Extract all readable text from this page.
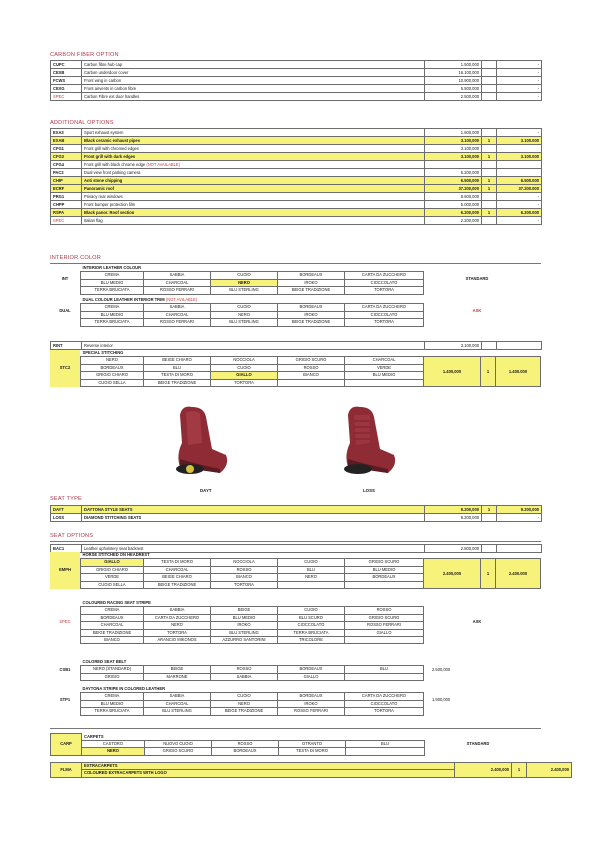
CARBON FIBER OPTION
CUPC	Carbon fibre hub cap	1.500,000		-
CEXB	Carbon underdoor cover	16.100,000		-
FCWS	Front wing in carbon	10.900,000		-
CEXG	Front airvents in carbon fibre	5.500,000		-
SPEC	Carbon Fibre ext door handles	2.500,000		-
ADDITIONAL OPTIONS
EXA3	Sport exhaust system	1.600,000		-
EXAB	Black ceramic exhaust pipes	3.100,000	1	3.100.000
CFG1	Front grill with chromed edges	3.100,000		
CFG3	Front grill with dark edges	3.100,000	1	3.100.000
CFG4	Front grill with black chrome edge (NOT AVAILABLE)			
PAC2	Dual view front parking camera	6.200,000		
CHIP	Anti stone chipping	6.500,000	1	6.500.000
ECRF	Panoramic roof	37.200,000	1	37.200.000
PRG1	Privacy rear windows	8.600,000		-
CHPP	Front bumper protection film	5.000,000		-
RSPA	Black panor. Roof section	6.200,000	1	6.200.000
SPEC	Italian flag	2.200,000		-
INTERIOR COLOR
INT	INTERIOR LEATHER COLOUR					STANDARD
	CREMA	SABBIA	CUOIO	BORDEAUX	CARTA DA ZUCCHERO	
	BLU MEDIO	CHARCOAL	NERO	IROKO	CIOCCOLATO	
	TERRA BRUCIATA	ROSSO FERRARI	BLU STERLING	BEIGE TRADIZIONE	TORTORA	
DUAL	DUAL COLOUR LEATHER INTERIOR TRIM (NOT AVILABLE)					ASK
	CREMA	SABBIA	CUOIO	BORDEAUX	CARTA DA ZUCCHERO	
	BLU MEDIO	CHARCOAL	NERO	IROKO	CIOCCOLATO	
	TERRA BRUCIATA	ROSSO FERRARI	BLU STERLING	BEIGE TRADIZIONE	TORTORA	
RINT	Reverse interior	3.100,000		
STC2	SPECIAL STITCHING							
	NERO	BEIGE CHIARO	NOCCIOLA	GRIGIO SCURO	CHARCOAL	1.400,000	1	1.400.000
	BORDEAUX	BLU	CUOIO	ROSSO	VERDE			
	GRIGIO CHIARO	TESTA DI MORO	GIALLO	BIANCO	BLU MEDIO			
	CUOIO SELLA	BEIGE TRADIZIONE	TORTORA					
DAYT	LOSS
SEAT TYPE
DAYT	DAYTONA STYLE SEATS	9.200,000	1	9.200,000
LOSS	DIAMOND STITCHING SEATS	9.200,000		-
SEAT OPTIONS
BAC1	Leather upholstery seat backrest	2.800,000		
EMPH	HORSE STITCHED ON HEADREST							
	GIALLO	TESTA DI MORO	NOCCIOLA	CUOIO	GRIGIO SCURO	2.400,000	1	2.400.000
	GRIGIO CHIARO	CHARCOAL	ROSSO	BLU	BLU MEDIO			
	VERDE	BEIGE CHIARO	BIANCO	NERO	BORDEAUX			
	CUOIO SELLA	BEIGE TRADIZIONE	TORTORA					
SPEC	COLOURED RACING SEAT STRIPE					ASK
	CREMA	SABBIA	BEIGE	CUOIO	ROSSO	
	BORDEAUX	CARTA DA ZUCCHERO	BLU MEDIO	BLU SCURO	GRIGIO SCURO	
	CHARCOAL	NERO	IROKO	CIOCCOLATO	ROSSO FERRARI	
	BEIGE TRADIZIONE	TORTORA	BLU STERLING	TERRA BRUCIATA	GIALLO	
	BIANCO	ARANCIO MIKONOS	AZZURRO SANTORINI	TRICOLORE		
CSB1	COLORED SEAT BELT					2.500,000
	NERO (STANDARD)	BEIGE	ROSSO	BORDEAUX	BLU	
	GRIGIO	MARRONE	SABBIA	GIALLO		
STP1	DAYTONA STRIPE IN COLORED LEATHER					1.900,000
	CREMA	SABBIA	CUOIO	BORDEAUX	CARTA DA ZUCCHERO	
	BLU MEDIO	CHARCOAL	NERO	IROKO	CIOCCOLATO	
	TERRA BRUCIATA	BLU STERLING	BEIGE TRADIZIONE	ROSSO FERRARI	TORTORA	
CARP	CARPETS					STANDARD
	CASTORO	NUOVO CUOIO	ROSSO	OTRANTO	BLU	
	NERO	GRIGIO SCURO	BORDEAUX	TESTA DI MORO		
FLMA	EXTRACARPETS	2.400,000	1	2.400,000
COLOURED EXTRACARPETS WITH LOGO
